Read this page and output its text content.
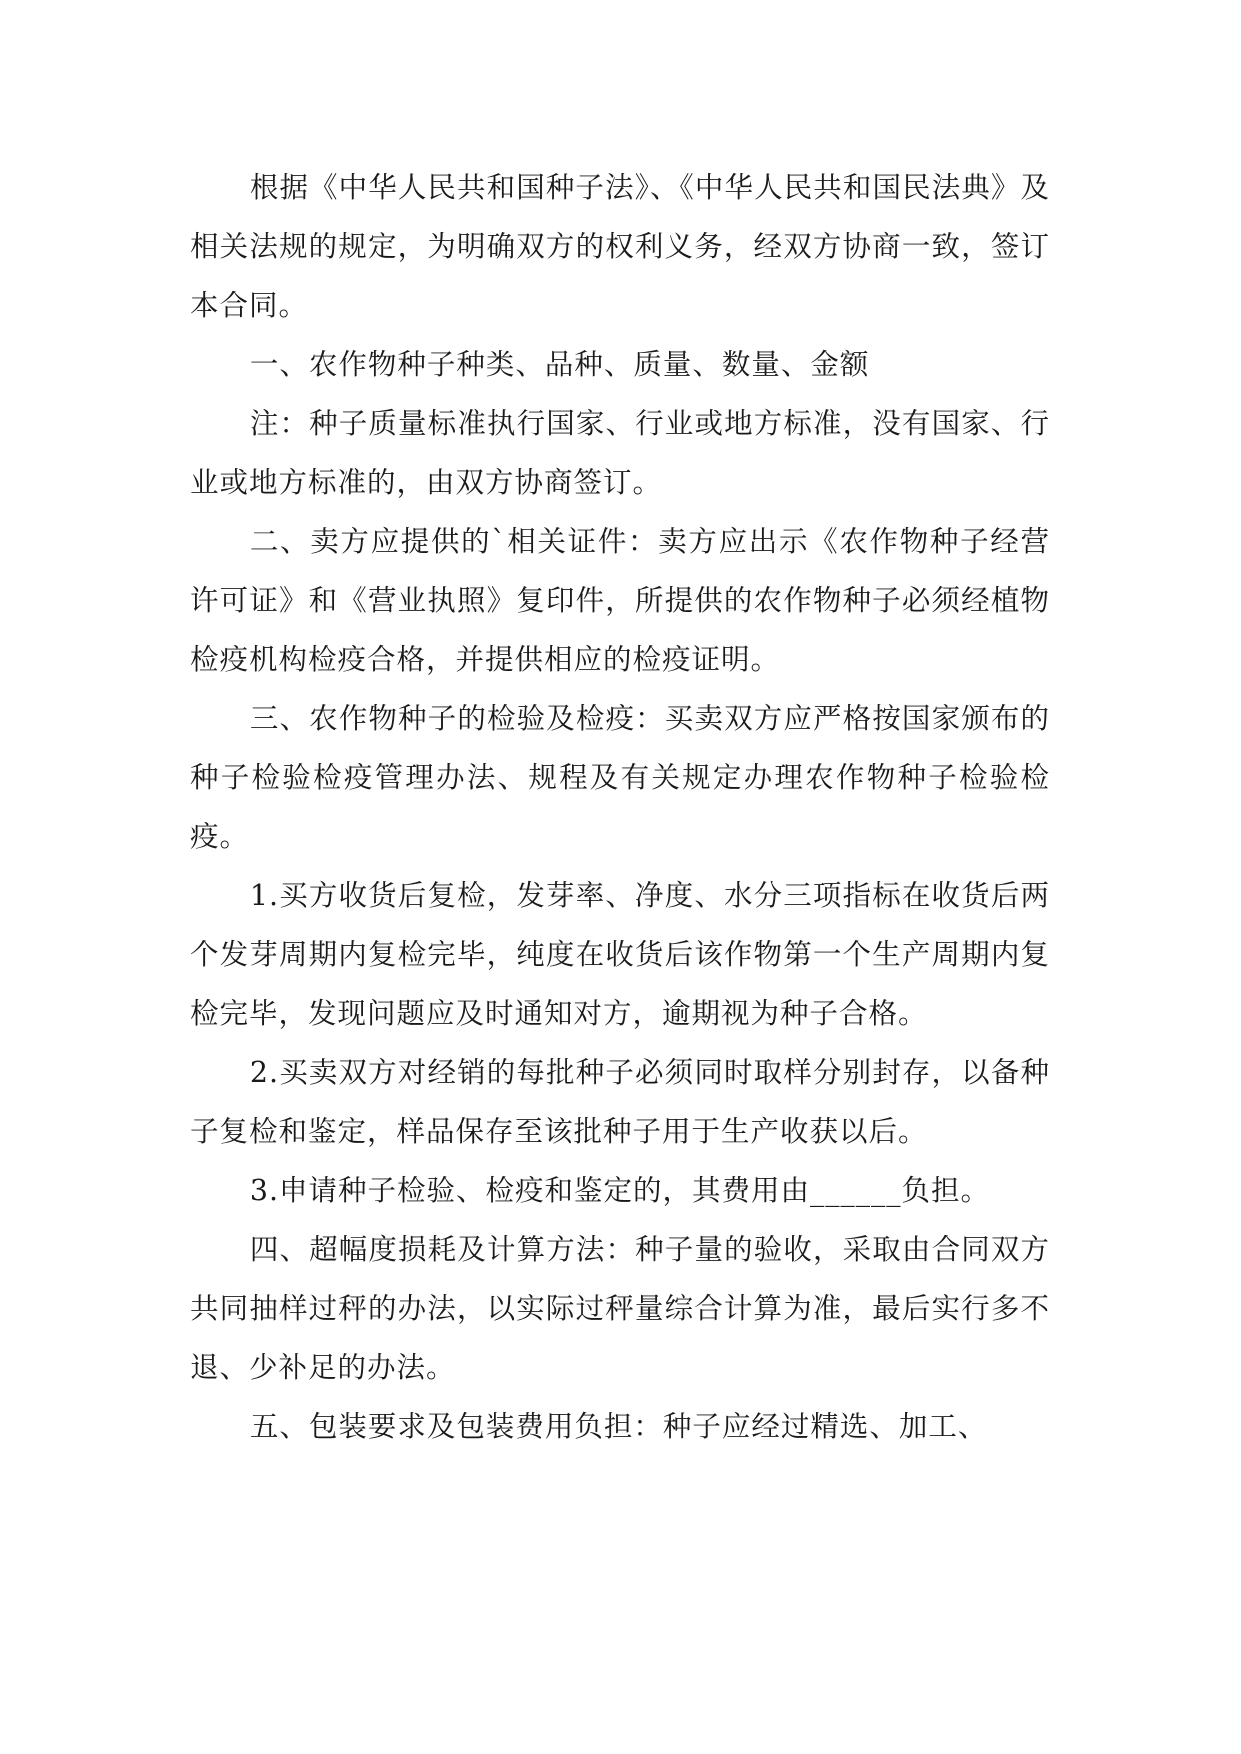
根据《中华人民共和国种子法》、《中华人民共和国民法典》及相关法规的规定，为明确双方的权利义务，经双方协商一致，签订本合同。

一、农作物种子种类、品种、质量、数量、金额

注：种子质量标准执行国家、行业或地方标准，没有国家、行业或地方标准的，由双方协商签订。

二、卖方应提供的`相关证件：卖方应出示《农作物种子经营许可证》和《营业执照》复印件，所提供的农作物种子必须经植物检疫机构检疫合格，并提供相应的检疫证明。

三、农作物种子的检验及检疫：买卖双方应严格按国家颁布的种子检验检疫管理办法、规程及有关规定办理农作物种子检验检疫。

1.买方收货后复检，发芽率、净度、水分三项指标在收货后两个发芽周期内复检完毕，纯度在收货后该作物第一个生产周期内复检完毕，发现问题应及时通知对方，逾期视为种子合格。

2.买卖双方对经销的每批种子必须同时取样分别封存，以备种子复检和鉴定，样品保存至该批种子用于生产收获以后。

3.申请种子检验、检疫和鉴定的，其费用由______负担。

四、超幅度损耗及计算方法：种子量的验收，采取由合同双方共同抽样过秤的办法，以实际过秤量综合计算为准，最后实行多不退、少补足的办法。

五、包装要求及包装费用负担：种子应经过精选、加工、
